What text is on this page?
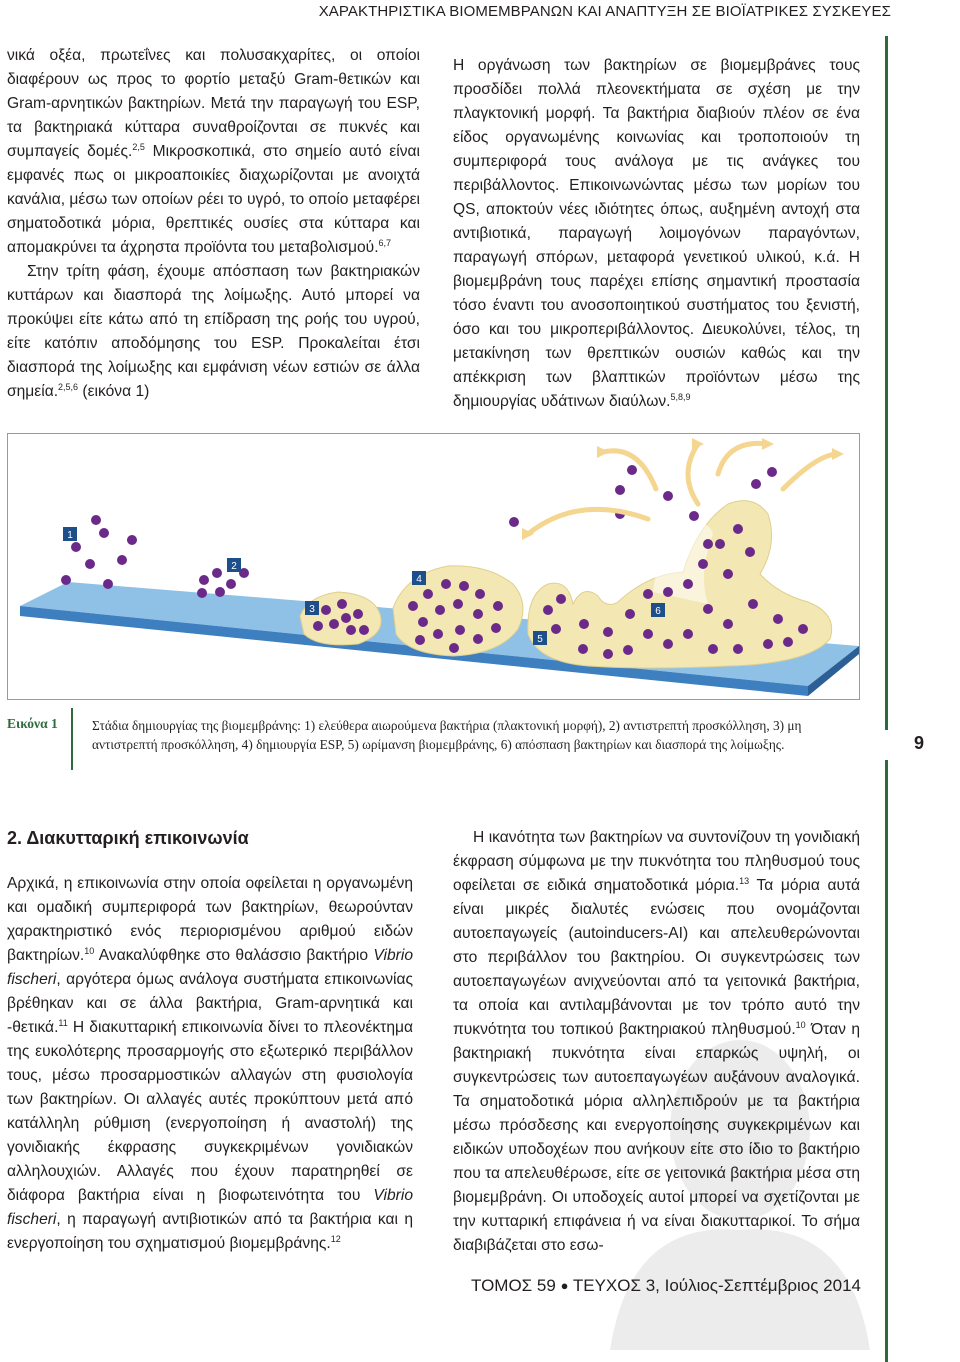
ΧΑΡΑΚΤΗΡΙΣΤΙΚΑ ΒΙΟΜΕΜΒΡΑΝΩΝ ΚΑΙ ΑΝΑΠΤΥΞΗ ΣΕ ΒΙΟΪΑΤΡΙΚΕΣ ΣΥΣΚΕΥΕΣ

νικά οξέα, πρωτεΐνες και πολυσακχαρίτες, οι οποίοι διαφέρουν ως προς το φορτίο μεταξύ Gram-θετικών και Gram-αρνητικών βακτηρίων. Μετά την παραγωγή του ESP, τα βακτηριακά κύτταρα συναθροίζονται σε πυκνές και συμπαγείς δομές.$^{2,5}$ Μικροσκοπικά, στο σημείο αυτό είναι εμφανές πως οι μικροαποικίες διαχωρίζονται με ανοιχτά κανάλια, μέσω των οποίων ρέει το υγρό, το οποίο μεταφέρει σηματοδοτικά μόρια, θρεπτικές ουσίες στα κύτταρα και απομακρύνει τα άχρηστα προϊόντα του μεταβολισμού.$^{6,7}$

Στην τρίτη φάση, έχουμε απόσπαση των βακτηριακών κυττάρων και διασπορά της λοίμωξης. Αυτό μπορεί να προκύψει είτε κάτω από τη επίδραση της ροής του υγρού, είτε κατόπιν αποδόμησης του ESP. Προκαλείται έτσι διασπορά της λοίμωξης και εμφάνιση νέων εστιών σε άλλα σημεία.$^{2,5,6}$ (εικόνα 1)

Η οργάνωση των βακτηρίων σε βιομεμβράνες τους προσδίδει πολλά πλεονεκτήματα σε σχέση με την πλαγκτονική μορφή. Τα βακτήρια διαβιούν πλέον σε ένα είδος οργανωμένης κοινωνίας και τροποποιούν τη συμπεριφορά τους ανάλογα με τις ανάγκες του περιβάλλοντος. Επικοινωνώντας μέσω των μορίων του QS, αποκτούν νέες ιδιότητες όπως, αυξημένη αντοχή στα αντιβιοτικά, παραγωγή λοιμογόνων παραγόντων, παραγωγή σπόρων, μεταφορά γενετικού υλικού, κ.ά. Η βιομεμβράνη τους παρέχει επίσης σημαντική προστασία τόσο έναντι του ανοσοποιητικού συστήματος του ξενιστή, όσο και του μικροπεριβάλλοντος. Διευκολύνει, τέλος, τη μετακίνηση των θρεπτικών ουσιών καθώς και την απέκκριση των βλαπτικών προϊόντων μέσω της δημιουργίας υδάτινων διαύλων.$^{5,8,9}$

1
2
3
4
5
6
Εικόνα 1	Στάδια δημιουργίας της βιομεμβράνης: 1) ελεύθερα αιωρούμενα βακτήρια (πλακτονική μορφή), 2) αντιστρεπτή προσκόλληση, 3) μη αντιστρεπτή προσκόλληση, 4) δημιουργία ESP, 5) ωρίμανση βιομεμβράνης, 6) απόσπαση βακτηρίων και διασπορά της λοίμωξης.	9
2. Διακυτταρική επικοινωνία

Αρχικά, η επικοινωνία στην οποία οφείλεται η οργανωμένη και ομαδική συμπεριφορά των βακτηρίων, θεωρούνταν χαρακτηριστικό ενός περιορισμένου αριθμού ειδών βακτηρίων.$^{10}$ Ανακαλύφθηκε στο θαλάσσιο βακτήριο Vibrio fischeri, αργότερα όμως ανάλογα συστήματα επικοινωνίας βρέθηκαν και σε άλλα βακτήρια, Gram-αρνητικά και -θετικά.$^{11}$ Η διακυτταρική επικοινωνία δίνει το πλεονέκτημα της ευκολότερης προσαρμογής στο εξωτερικό περιβάλλον τους, μέσω προσαρμοστικών αλλαγών στη φυσιολογία των βακτηρίων. Οι αλλαγές αυτές προκύπτουν μετά από κατάλληλη ρύθμιση (ενεργοποίηση ή αναστολή) της γονιδιακής έκφρασης συγκεκριμένων γονιδιακών αλληλουχιών. Αλλαγές που έχουν παρατηρηθεί σε διάφορα βακτήρια είναι η βιοφωτεινότητα του Vibrio fischeri, η παραγωγή αντιβιοτικών από τα βακτήρια και η ενεργοποίηση του σχηματισμού βιομεμβράνης.$^{12}$

Η ικανότητα των βακτηρίων να συντονίζουν τη γονιδιακή έκφραση σύμφωνα με την πυκνότητα του πληθυσμού τους οφείλεται σε ειδικά σηματοδοτικά μόρια.$^{13}$ Τα μόρια αυτά είναι μικρές διαλυτές ενώσεις που ονομάζονται αυτοεπαγωγείς (autoinducers-AI) και απελευθερώνονται στο περιβάλλον του βακτηρίου. Οι συγκεντρώσεις των αυτοεπαγωγέων ανιχνεύονται από τα γειτονικά βακτήρια, τα οποία και αντιλαμβάνονται με τον τρόπο αυτό την πυκνότητα του τοπικού βακτηριακού πληθυσμού.$^{10}$ Όταν η βακτηριακή πυκνότητα είναι επαρκώς υψηλή, οι συγκεντρώσεις των αυτοεπαγωγέων αυξάνουν αναλογικά. Τα σηματοδοτικά μόρια αλληλεπιδρούν με τα βακτήρια μέσω πρόσδεσης και ενεργοποίησης συγκεκριμένων και ειδικών υποδοχέων που ανήκουν είτε στο ίδιο το βακτήριο που τα απελευθέρωσε, είτε σε γειτονικά βακτήρια μέσα στη βιομεμβράνη. Οι υποδοχείς αυτοί μπορεί να σχετίζονται με την κυτταρική επιφάνεια ή να είναι διακυτταρικοί. Το σήμα διαβιβάζεται στο εσω-

ΤΟΜΟΣ 59 ● ΤΕΥΧΟΣ 3, Ιούλιος-Σεπτέμβριος 2014
